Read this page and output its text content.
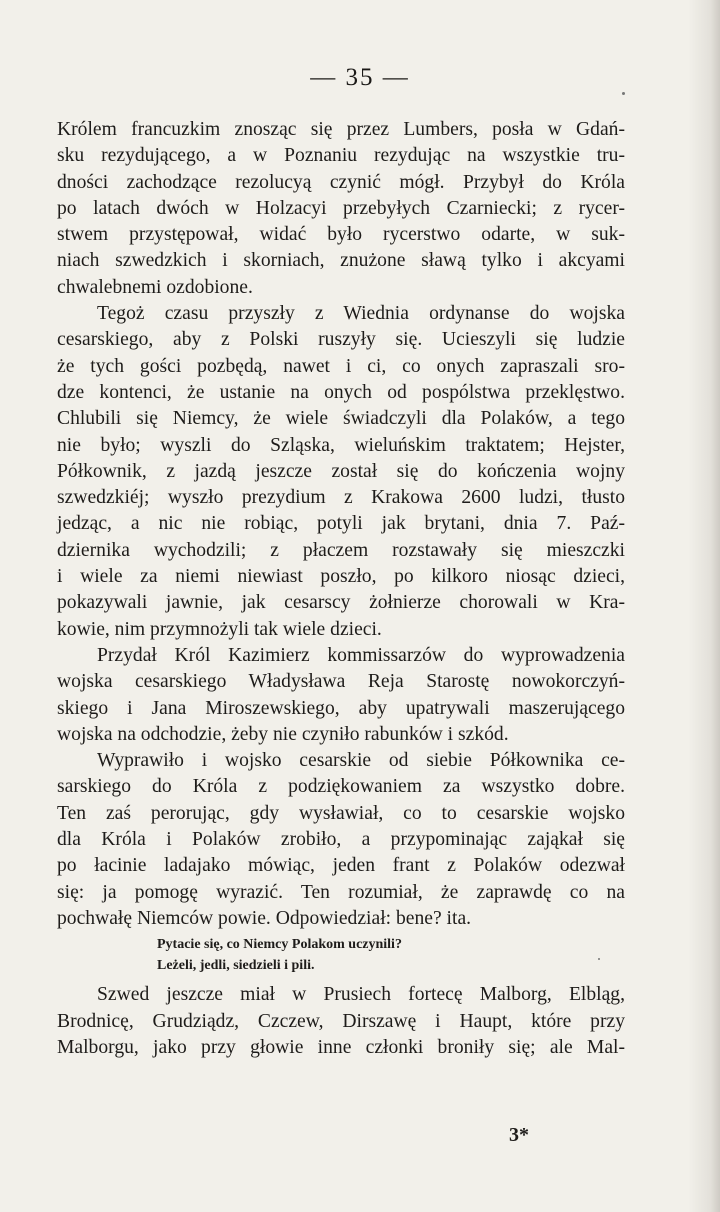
— 35 —
Królem francuzkim znosząc się przez Lumbers, posła w Gdań-
sku rezydującego, a w Poznaniu rezydując na wszystkie tru-
dności zachodzące rezolucyą czynić mógł. Przybył do Króla
po latach dwóch w Holzacyi przebyłych Czarniecki; z rycer-
stwem przystępował, widać było rycerstwo odarte, w suk-
niach szwedzkich i skorniach, znużone sławą tylko i akcyami
chwalebnemi ozdobione.
Tegoż czasu przyszły z Wiednia ordynanse do wojska
cesarskiego, aby z Polski ruszyły się. Ucieszyli się ludzie
że tych gości pozbędą, nawet i ci, co onych zapraszali sro-
dze kontenci, że ustanie na onych od pospólstwa przeklęstwo.
Chlubili się Niemcy, że wiele świadczyli dla Polaków, a tego
nie było; wyszli do Szląska, wieluńskim traktatem; Hejster,
Półkownik, z jazdą jeszcze został się do kończenia wojny
szwedzkiéj; wyszło prezydium z Krakowa 2600 ludzi, tłusto
jedząc, a nic nie robiąc, potyli jak brytani, dnia 7. Paź-
dziernika wychodzili; z płaczem rozstawały się mieszczki
i wiele za niemi niewiast poszło, po kilkoro niosąc dzieci,
pokazywali jawnie, jak cesarscy żołnierze chorowali w Kra-
kowie, nim przymnożyli tak wiele dzieci.
Przydał Król Kazimierz kommissarzów do wyprowadzenia
wojska cesarskiego Władysława Reja Starostę nowokorczyń-
skiego i Jana Miroszewskiego, aby upatrywali maszerującego
wojska na odchodzie, żeby nie czyniło rabunków i szkód.
Wyprawiło i wojsko cesarskie od siebie Półkownika ce-
sarskiego do Króla z podziękowaniem za wszystko dobre.
Ten zaś perorując, gdy wysławiał, co to cesarskie wojsko
dla Króla i Polaków zrobiło, a przypominając zająkał się
po łacinie ladajako mówiąc, jeden frant z Polaków odezwał
się: ja pomogę wyrazić. Ten rozumiał, że zaprawdę co na
pochwałę Niemców powie. Odpowiedział: bene? ita.
Pytacie się, co Niemcy Polakom uczynili?
Leżeli, jedli, siedzieli i pili.
Szwed jeszcze miał w Prusiech fortecę Malborg, Elbląg,
Brodnicę, Grudziądz, Czczew, Dirszawę i Haupt, które przy
Malborgu, jako przy głowie inne członki broniły się; ale Mal-
3*
